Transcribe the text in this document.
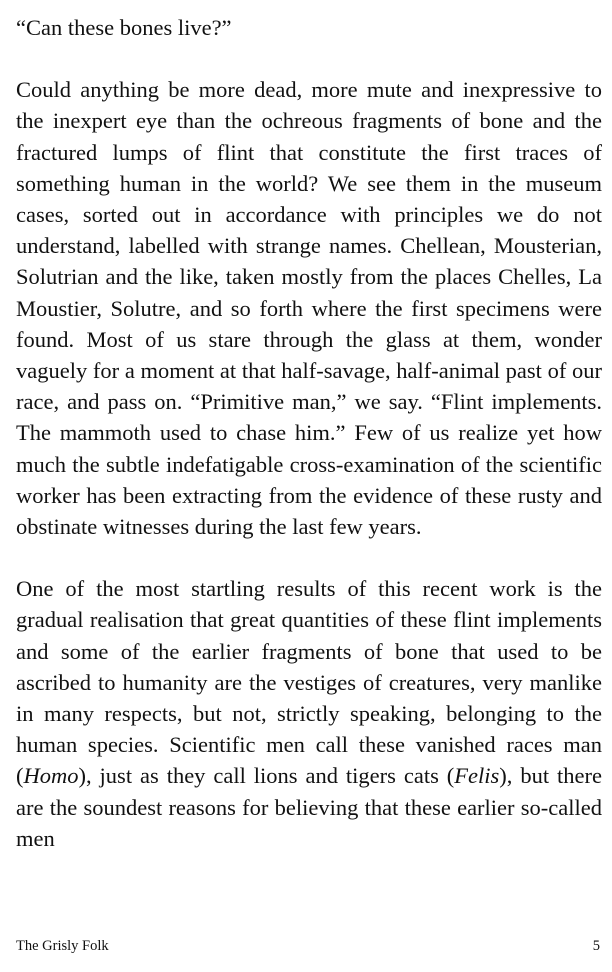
“Can these bones live?”

Could anything be more dead, more mute and inexpressive to the inexpert eye than the ochreous fragments of bone and the fractured lumps of flint that constitute the first traces of something human in the world? We see them in the museum cases, sorted out in accordance with principles we do not understand, labelled with strange names. Chellean, Mousterian, Solutrian and the like, taken mostly from the places Chelles, La Moustier, Solutre, and so forth where the first specimens were found. Most of us stare through the glass at them, wonder vaguely for a moment at that half-savage, half-animal past of our race, and pass on. “Primitive man,” we say. “Flint implements. The mammoth used to chase him.” Few of us realize yet how much the subtle indefatigable cross-examination of the scientific worker has been extracting from the evidence of these rusty and obstinate witnesses during the last few years.

One of the most startling results of this recent work is the gradual realisation that great quantities of these flint implements and some of the earlier fragments of bone that used to be ascribed to humanity are the vestiges of creatures, very manlike in many respects, but not, strictly speaking, belonging to the human species. Scientific men call these vanished races man (Homo), just as they call lions and tigers cats (Felis), but there are the soundest reasons for believing that these earlier so-called men

The Grisly Folk	5
